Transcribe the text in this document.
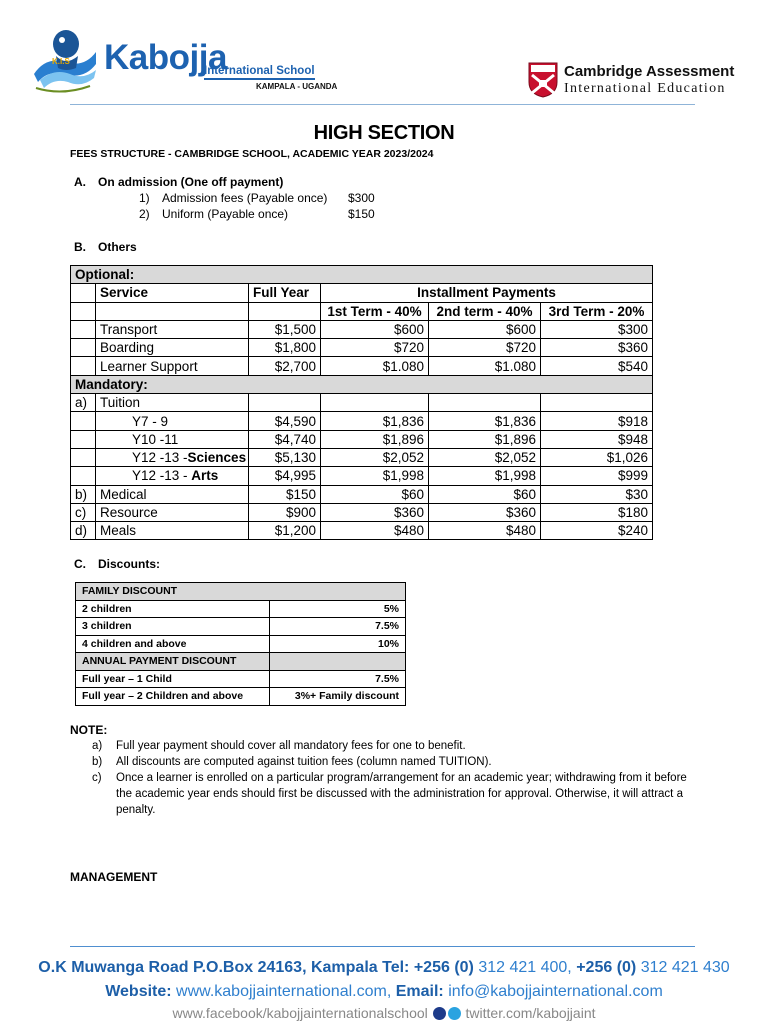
K.I.S Kabojja
International School
KAMPALA - UGANDA
Cambridge Assessment
International Education
HIGH SECTION
FEES STRUCTURE - CAMBRIDGE SCHOOL, ACADEMIC YEAR 2023/2024
A. On admission (One off payment)
1) Admission fees (Payable once) $300
2) Uniform (Payable once)	$150
B. Others
Optional:					
	Service	Full Year	Installment Payments		
			1st Term - 40%	2nd term - 40%	3rd Term - 20%
	Transport	$1,500	$600	$600	$300
	Boarding	$1,800	$720	$720	$360
	Learner Support	$2,700	$1.080	$1.080	$540
Mandatory:					
a)	Tuition				
	Y7 - 9	$4,590	$1,836	$1,836	$918
	Y10 -11	$4,740	$1,896	$1,896	$948
	Y12 -13 -Sciences	$5,130	$2,052	$2,052	$1,026
	Y12 -13 - Arts	$4,995	$1,998	$1,998	$999
b)	Medical	$150	$60	$60	$30
c)	Resource	$900	$360	$360	$180
d)	Meals	$1,200	$480	$480	$240
C. Discounts:
FAMILY DISCOUNT	
2 children	5%
3 children	7.5%
4 children and above	10%
ANNUAL PAYMENT DISCOUNT	
Full year – 1 Child	7.5%
Full year – 2 Children and above	3%+ Family discount
NOTE:
a) Full year payment should cover all mandatory fees for one to benefit.
b) All discounts are computed against tuition fees (column named TUITION).
c) Once a learner is enrolled on a particular program/arrangement for an academic year; withdrawing from it before the academic year ends should first be discussed with the administration for approval. Otherwise, it will attract a penalty.
MANAGEMENT
O.K Muwanga Road P.O.Box 24163, Kampala Tel: +256 (0) 312 421 400, +256 (0) 312 421 430
Website: www.kabojjainternational.com, Email: info@kabojjainternational.com
www.facebook/kabojjainternationalschool	twitter.com/kabojjaint
